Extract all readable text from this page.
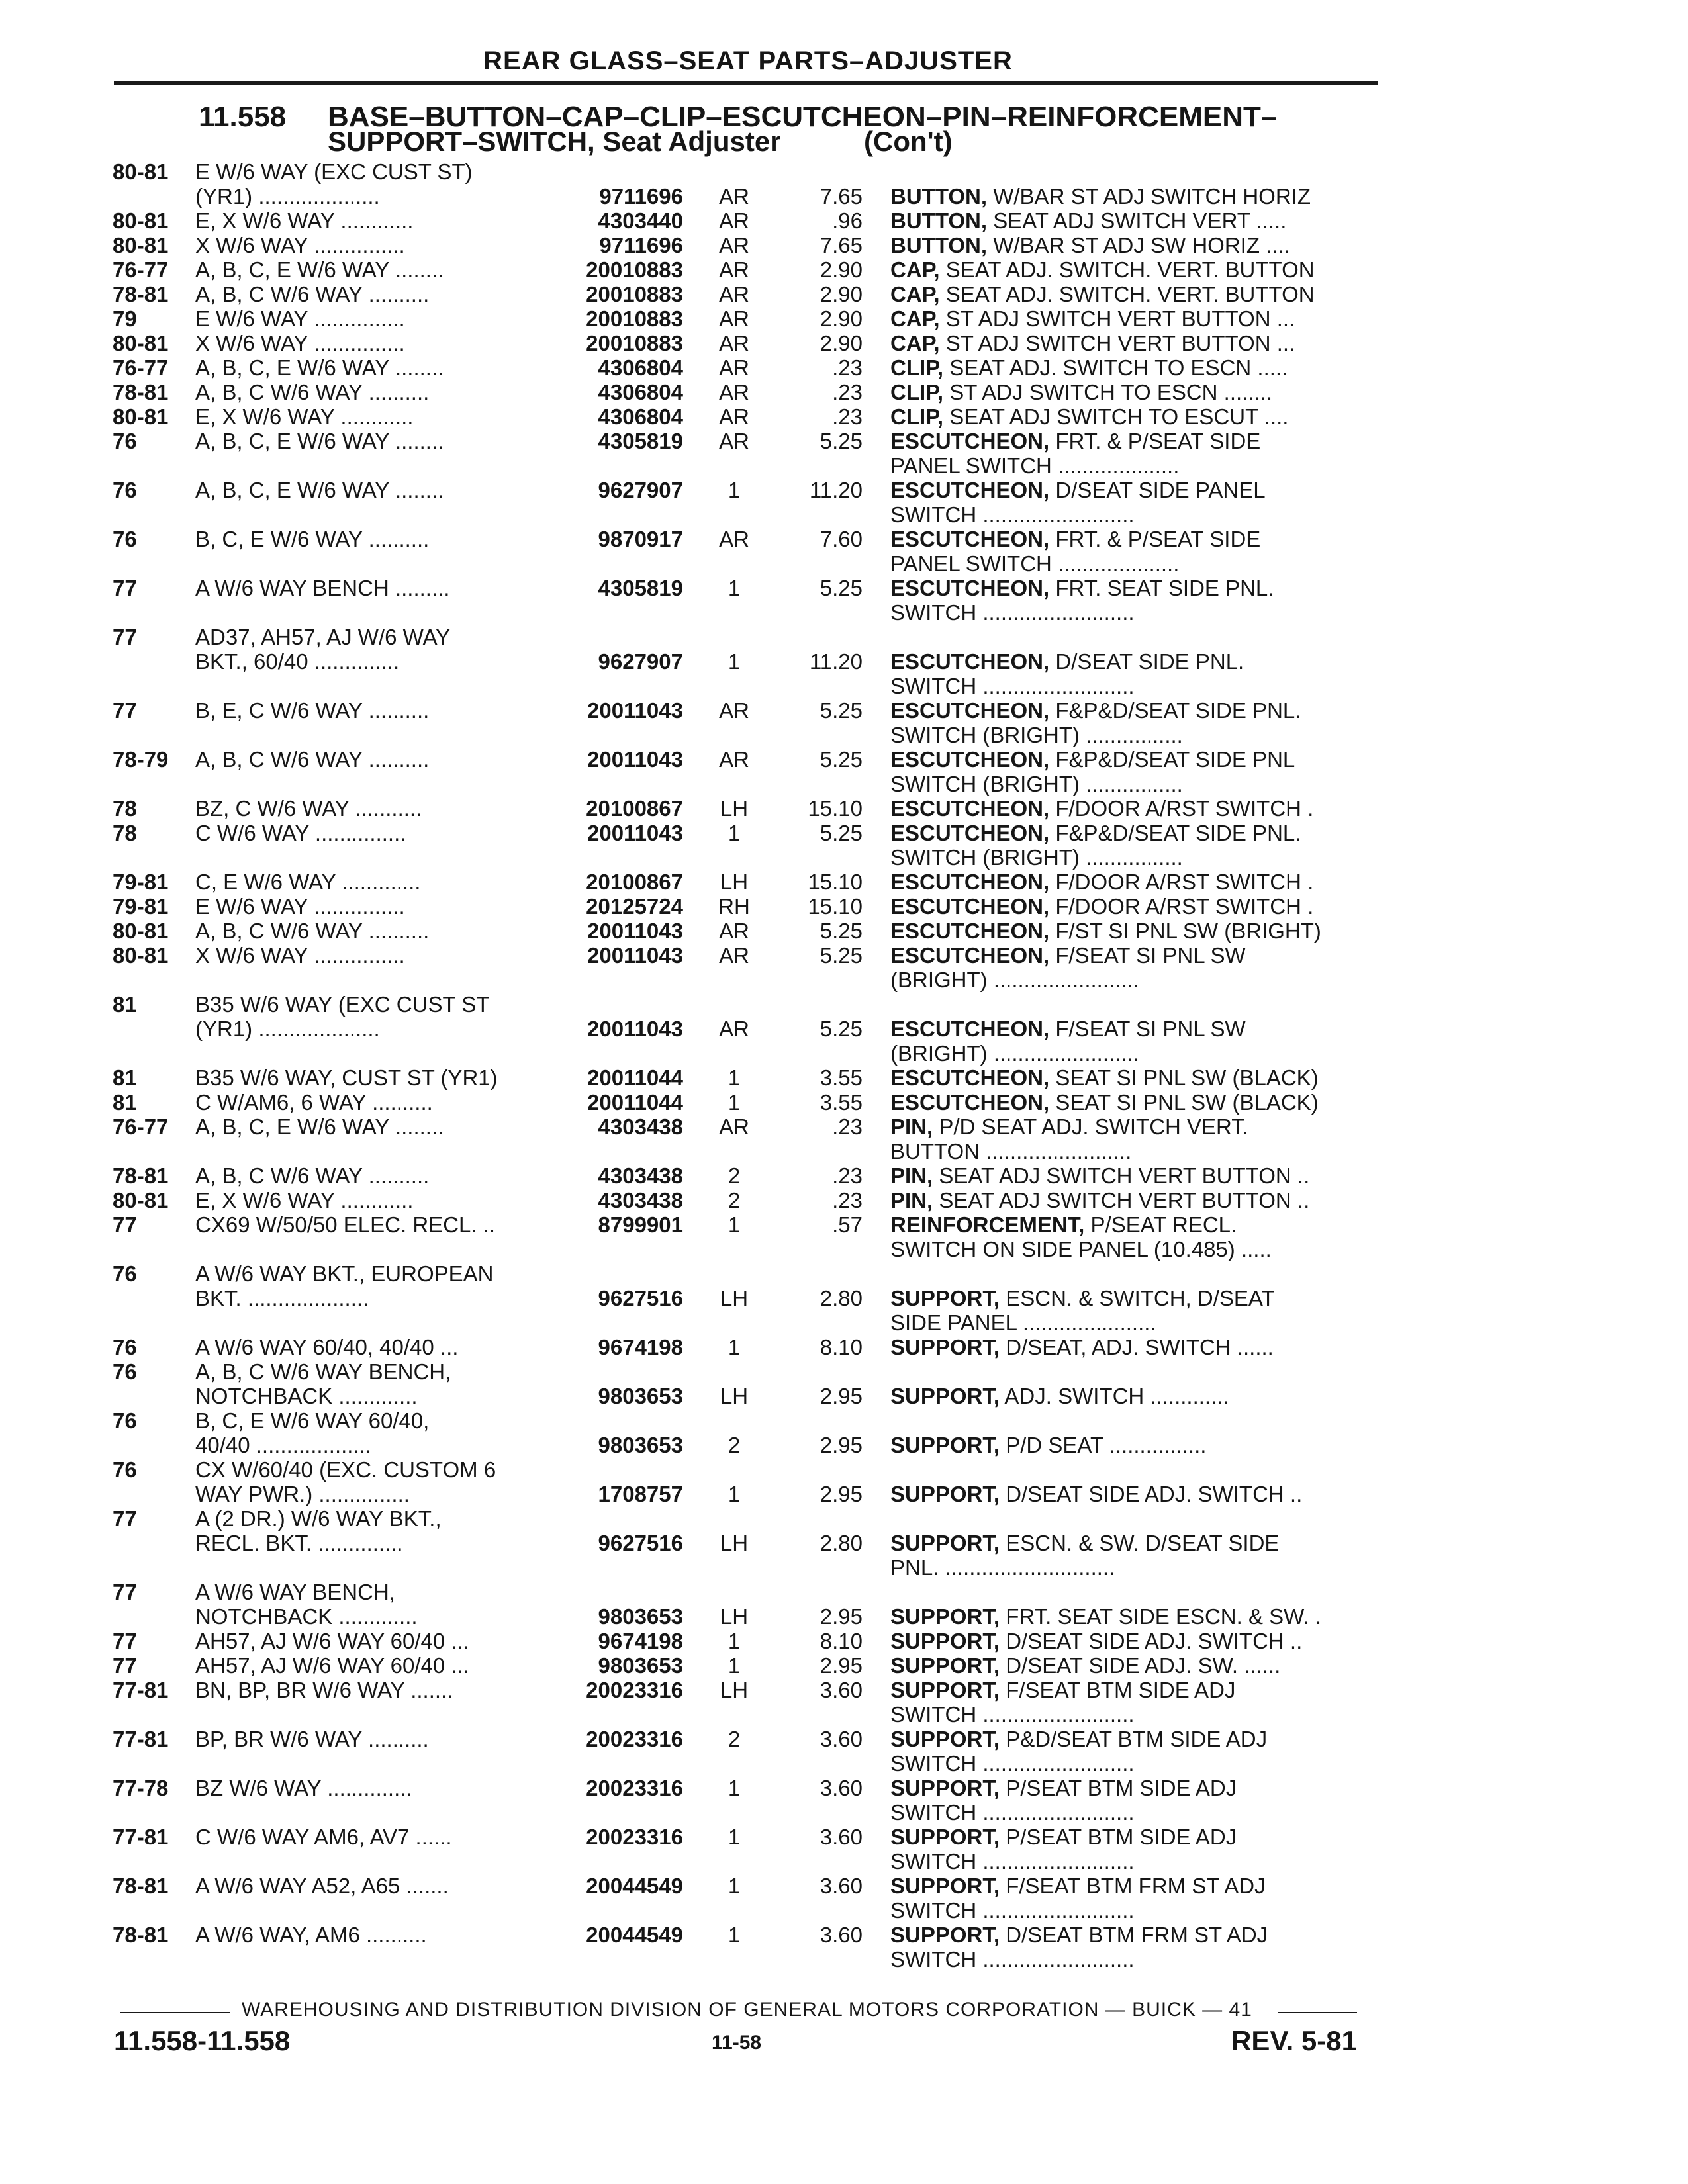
REAR GLASS–SEAT PARTS–ADJUSTER
11.558 BASE–BUTTON–CAP–CLIP–ESCUTCHEON–PIN–REINFORCEMENT–
SUPPORT–SWITCH, Seat Adjuster	(Con't)
80-81 E W/6 WAY (EXC CUST ST)
(YR1) ....................	9711696	AR	7.65 BUTTON, W/BAR ST ADJ SWITCH HORIZ
80-81 E, X W/6 WAY ............	4303440	AR	.96 BUTTON, SEAT ADJ SWITCH VERT .....
80-81 X W/6 WAY ...............	9711696	AR	7.65 BUTTON, W/BAR ST ADJ SW HORIZ ....
76-77 A, B, C, E W/6 WAY ........	20010883	AR	2.90 CAP, SEAT ADJ. SWITCH. VERT. BUTTON
78-81 A, B, C W/6 WAY ..........	20010883	AR	2.90 CAP, SEAT ADJ. SWITCH. VERT. BUTTON
79	E W/6 WAY ...............	20010883	AR	2.90 CAP, ST ADJ SWITCH VERT BUTTON ...
80-81 X W/6 WAY ...............	20010883	AR	2.90 CAP, ST ADJ SWITCH VERT BUTTON ...
76-77 A, B, C, E W/6 WAY ........	4306804	AR	.23 CLIP, SEAT ADJ. SWITCH TO ESCN .....
78-81 A, B, C W/6 WAY ..........	4306804	AR	.23 CLIP, ST ADJ SWITCH TO ESCN ........
80-81 E, X W/6 WAY ............	4306804	AR	.23 CLIP, SEAT ADJ SWITCH TO ESCUT ....
76	A, B, C, E W/6 WAY ........	4305819	AR	5.25 ESCUTCHEON, FRT. & P/SEAT SIDE
PANEL SWITCH ....................
76	A, B, C, E W/6 WAY ........	9627907	1	11.20 ESCUTCHEON, D/SEAT SIDE PANEL
SWITCH .........................
76	B, C, E W/6 WAY ..........	9870917	AR	7.60 ESCUTCHEON, FRT. & P/SEAT SIDE
PANEL SWITCH ....................
77	A W/6 WAY BENCH .........	4305819	1	5.25 ESCUTCHEON, FRT. SEAT SIDE PNL.
SWITCH .........................
77	AD37, AH57, AJ W/6 WAY
BKT., 60/40 ..............	9627907	1	11.20 ESCUTCHEON, D/SEAT SIDE PNL.
SWITCH .........................
77	B, E, C W/6 WAY ..........	20011043	AR	5.25 ESCUTCHEON, F&P&D/SEAT SIDE PNL.
SWITCH (BRIGHT) ................
78-79 A, B, C W/6 WAY ..........	20011043	AR	5.25 ESCUTCHEON, F&P&D/SEAT SIDE PNL
SWITCH (BRIGHT) ................
78	BZ, C W/6 WAY ...........	20100867	LH	15.10 ESCUTCHEON, F/DOOR A/RST SWITCH .
78	C W/6 WAY ...............	20011043	1	5.25 ESCUTCHEON, F&P&D/SEAT SIDE PNL.
SWITCH (BRIGHT) ................
79-81 C, E W/6 WAY .............	20100867	LH	15.10 ESCUTCHEON, F/DOOR A/RST SWITCH .
79-81 E W/6 WAY ...............	20125724	RH	15.10 ESCUTCHEON, F/DOOR A/RST SWITCH .
80-81 A, B, C W/6 WAY ..........	20011043	AR	5.25 ESCUTCHEON, F/ST SI PNL SW (BRIGHT)
80-81 X W/6 WAY ...............	20011043	AR	5.25 ESCUTCHEON, F/SEAT SI PNL SW
(BRIGHT) ........................
81	B35 W/6 WAY (EXC CUST ST
(YR1) ....................	20011043	AR	5.25 ESCUTCHEON, F/SEAT SI PNL SW
(BRIGHT) ........................
81	B35 W/6 WAY, CUST ST (YR1)	20011044	1	3.55 ESCUTCHEON, SEAT SI PNL SW (BLACK)
81	C W/AM6, 6 WAY ..........	20011044	1	3.55 ESCUTCHEON, SEAT SI PNL SW (BLACK)
76-77 A, B, C, E W/6 WAY ........	4303438	AR	.23 PIN, P/D SEAT ADJ. SWITCH VERT.
BUTTON ........................
78-81 A, B, C W/6 WAY ..........	4303438	2	.23 PIN, SEAT ADJ SWITCH VERT BUTTON ..
80-81 E, X W/6 WAY ............	4303438	2	.23 PIN, SEAT ADJ SWITCH VERT BUTTON ..
77	CX69 W/50/50 ELEC. RECL. ..	8799901	1	.57 REINFORCEMENT, P/SEAT RECL.
SWITCH ON SIDE PANEL (10.485) .....
76	A W/6 WAY BKT., EUROPEAN
BKT. ....................	9627516	LH	2.80 SUPPORT, ESCN. & SWITCH, D/SEAT
SIDE PANEL ......................
76	A W/6 WAY 60/40, 40/40 ...	9674198	1	8.10 SUPPORT, D/SEAT, ADJ. SWITCH ......
76	A, B, C W/6 WAY BENCH,
NOTCHBACK .............	9803653	LH	2.95 SUPPORT, ADJ. SWITCH .............
76	B, C, E W/6 WAY 60/40,
40/40 ...................	9803653	2	2.95 SUPPORT, P/D SEAT ................
76	CX W/60/40 (EXC. CUSTOM 6
WAY PWR.) ...............	1708757	1	2.95 SUPPORT, D/SEAT SIDE ADJ. SWITCH ..
77	A (2 DR.) W/6 WAY BKT.,
RECL. BKT. ..............	9627516	LH	2.80 SUPPORT, ESCN. & SW. D/SEAT SIDE
PNL. ............................
77	A W/6 WAY BENCH,
NOTCHBACK .............	9803653	LH	2.95 SUPPORT, FRT. SEAT SIDE ESCN. & SW. .
77	AH57, AJ W/6 WAY 60/40 ...	9674198	1	8.10 SUPPORT, D/SEAT SIDE ADJ. SWITCH ..
77	AH57, AJ W/6 WAY 60/40 ...	9803653	1	2.95 SUPPORT, D/SEAT SIDE ADJ. SW. ......
77-81 BN, BP, BR W/6 WAY .......	20023316	LH	3.60 SUPPORT, F/SEAT BTM SIDE ADJ
SWITCH .........................
77-81 BP, BR W/6 WAY ..........	20023316	2	3.60 SUPPORT, P&D/SEAT BTM SIDE ADJ
SWITCH .........................
77-78 BZ W/6 WAY ..............	20023316	1	3.60 SUPPORT, P/SEAT BTM SIDE ADJ
SWITCH .........................
77-81 C W/6 WAY AM6, AV7 ......	20023316	1	3.60 SUPPORT, P/SEAT BTM SIDE ADJ
SWITCH .........................
78-81 A W/6 WAY A52, A65 .......	20044549	1	3.60 SUPPORT, F/SEAT BTM FRM ST ADJ
SWITCH .........................
78-81 A W/6 WAY, AM6 ..........	20044549	1	3.60 SUPPORT, D/SEAT BTM FRM ST ADJ
SWITCH .........................
WAREHOUSING AND DISTRIBUTION DIVISION OF GENERAL MOTORS CORPORATION — BUICK — 41
11.558-11.558	11-58	REV. 5-81
